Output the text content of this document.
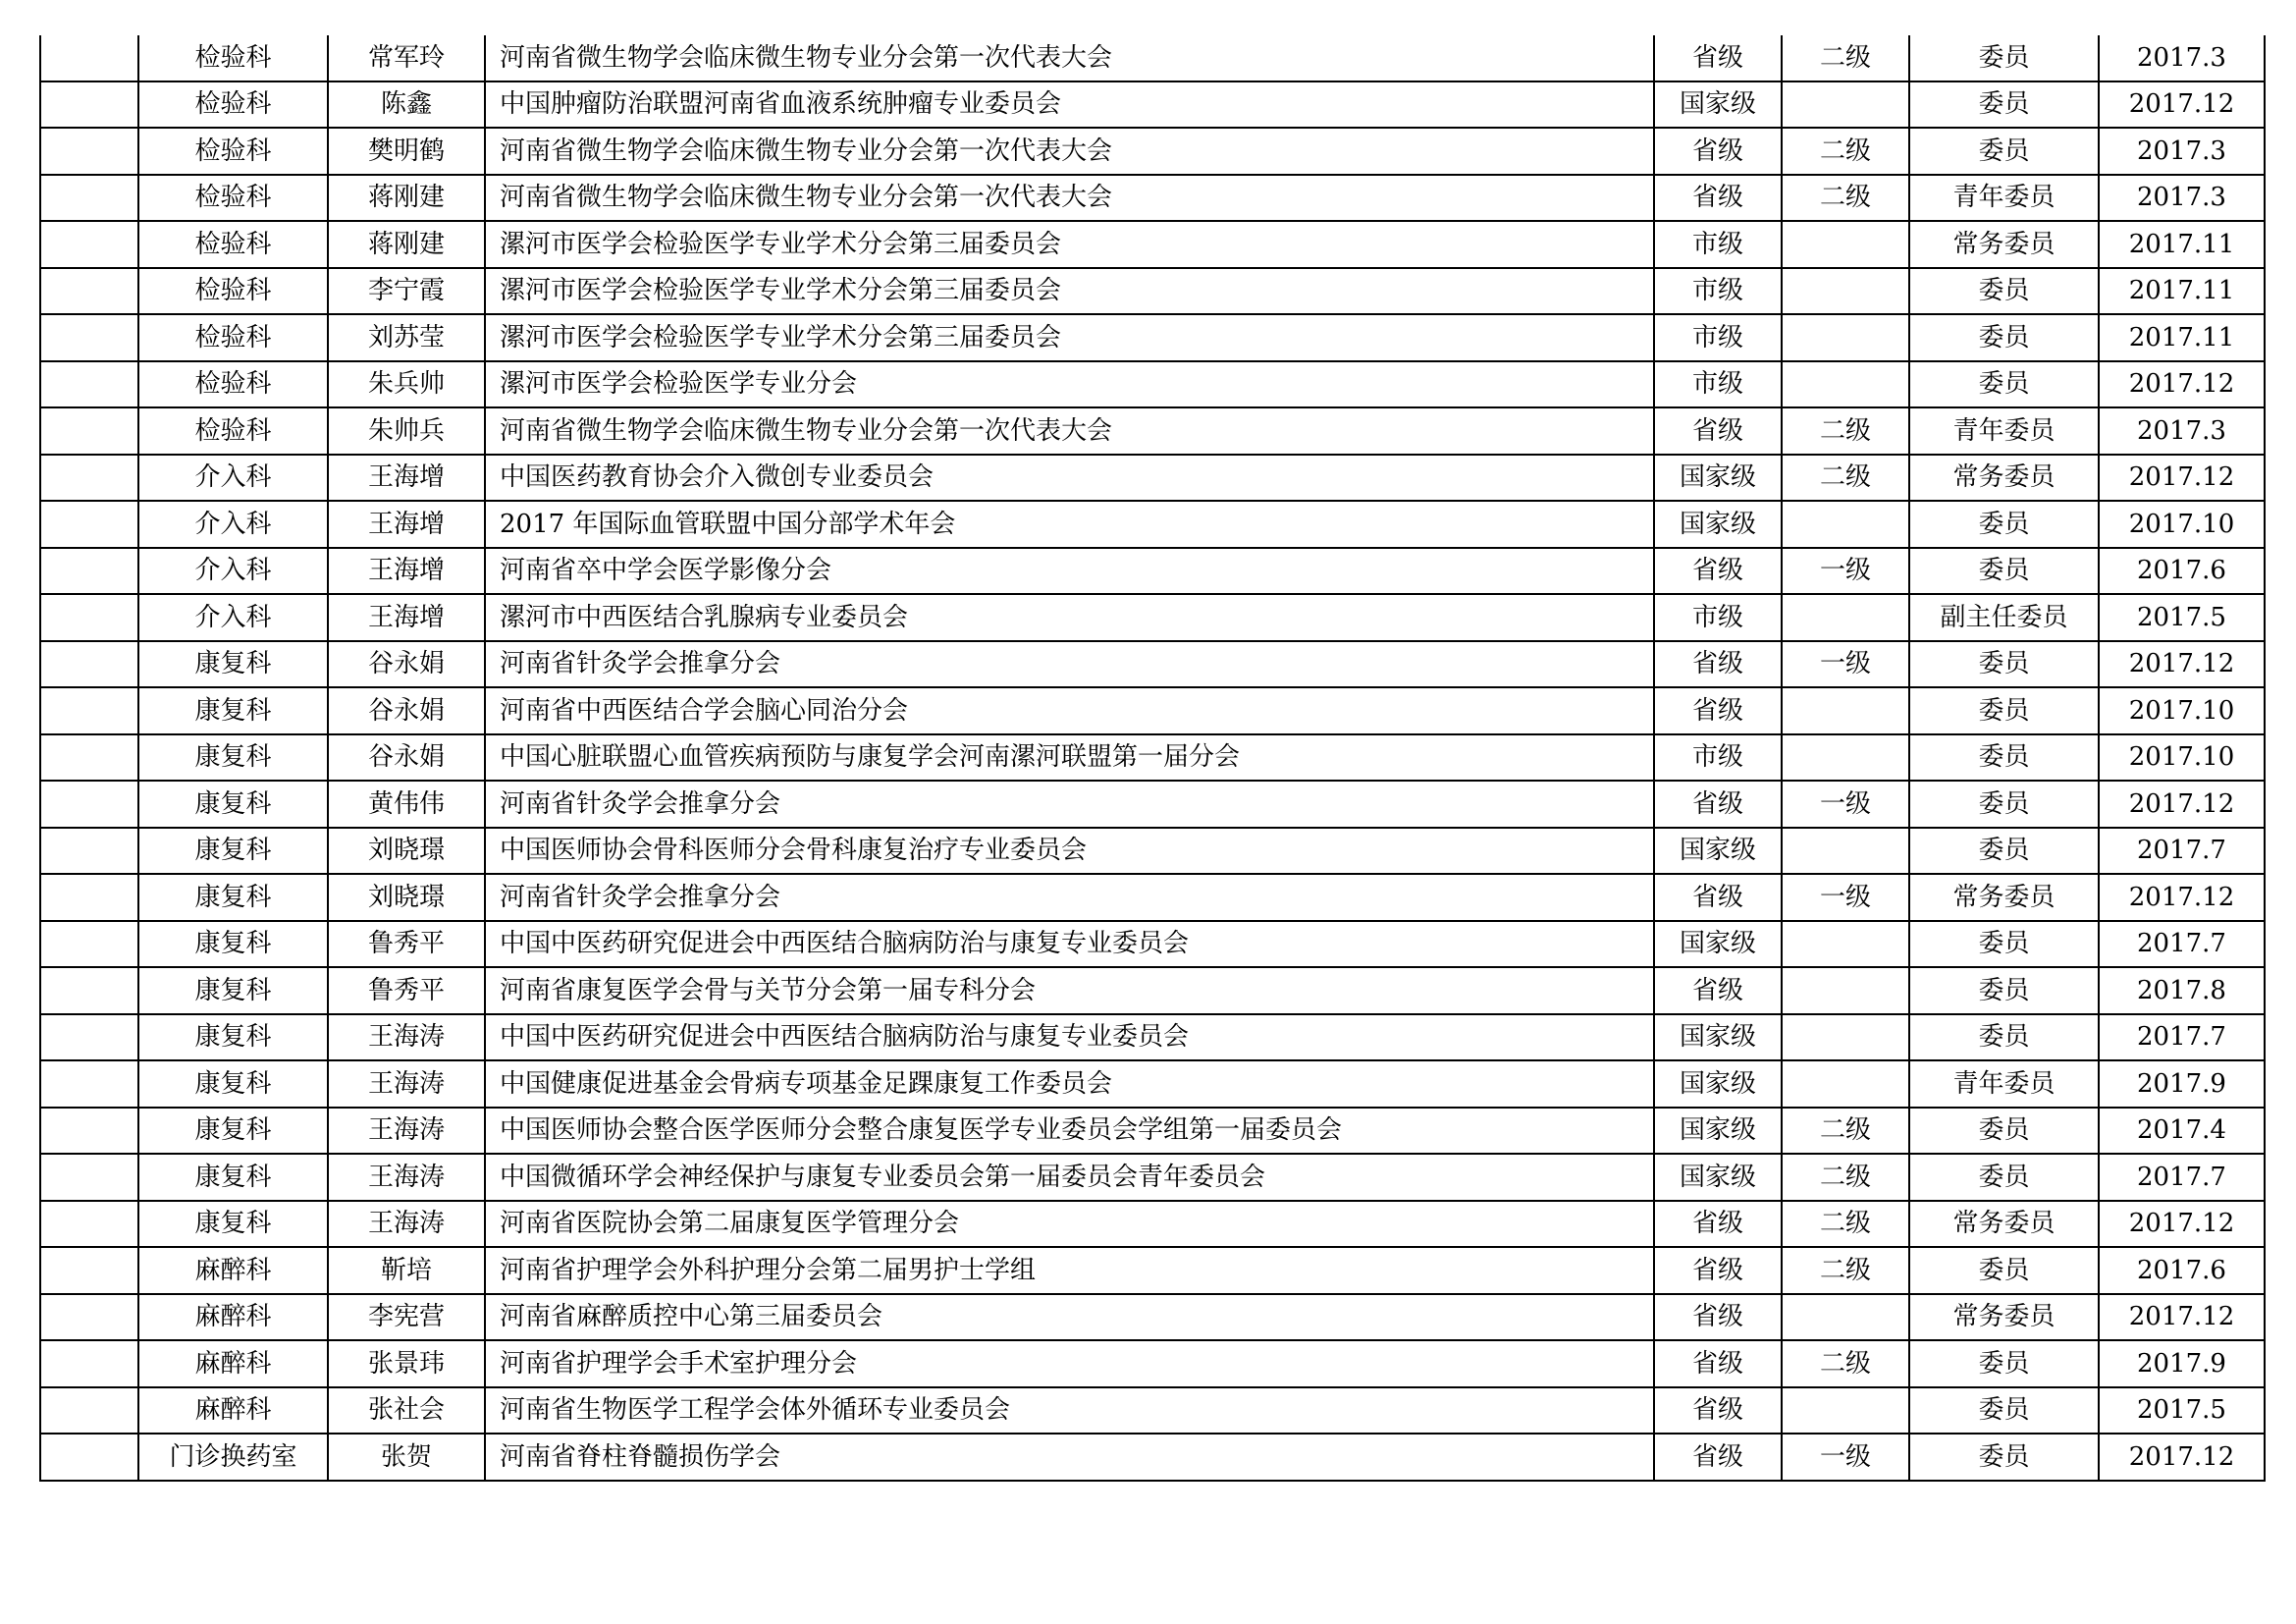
	检验科	常军玲	河南省微生物学会临床微生物专业分会第一次代表大会	省级	二级	委员	2017.3
	检验科	陈鑫	中国肿瘤防治联盟河南省血液系统肿瘤专业委员会	国家级		委员	2017.12
	检验科	樊明鹤	河南省微生物学会临床微生物专业分会第一次代表大会	省级	二级	委员	2017.3
	检验科	蒋刚建	河南省微生物学会临床微生物专业分会第一次代表大会	省级	二级	青年委员	2017.3
	检验科	蒋刚建	漯河市医学会检验医学专业学术分会第三届委员会	市级		常务委员	2017.11
	检验科	李宁霞	漯河市医学会检验医学专业学术分会第三届委员会	市级		委员	2017.11
	检验科	刘苏莹	漯河市医学会检验医学专业学术分会第三届委员会	市级		委员	2017.11
	检验科	朱兵帅	漯河市医学会检验医学专业分会	市级		委员	2017.12
	检验科	朱帅兵	河南省微生物学会临床微生物专业分会第一次代表大会	省级	二级	青年委员	2017.3
	介入科	王海增	中国医药教育协会介入微创专业委员会	国家级	二级	常务委员	2017.12
	介入科	王海增	2017 年国际血管联盟中国分部学术年会	国家级		委员	2017.10
	介入科	王海增	河南省卒中学会医学影像分会	省级	一级	委员	2017.6
	介入科	王海增	漯河市中西医结合乳腺病专业委员会	市级		副主任委员	2017.5
	康复科	谷永娟	河南省针灸学会推拿分会	省级	一级	委员	2017.12
	康复科	谷永娟	河南省中西医结合学会脑心同治分会	省级		委员	2017.10
	康复科	谷永娟	中国心脏联盟心血管疾病预防与康复学会河南漯河联盟第一届分会	市级		委员	2017.10
	康复科	黄伟伟	河南省针灸学会推拿分会	省级	一级	委员	2017.12
	康复科	刘晓璟	中国医师协会骨科医师分会骨科康复治疗专业委员会	国家级		委员	2017.7
	康复科	刘晓璟	河南省针灸学会推拿分会	省级	一级	常务委员	2017.12
	康复科	鲁秀平	中国中医药研究促进会中西医结合脑病防治与康复专业委员会	国家级		委员	2017.7
	康复科	鲁秀平	河南省康复医学会骨与关节分会第一届专科分会	省级		委员	2017.8
	康复科	王海涛	中国中医药研究促进会中西医结合脑病防治与康复专业委员会	国家级		委员	2017.7
	康复科	王海涛	中国健康促进基金会骨病专项基金足踝康复工作委员会	国家级		青年委员	2017.9
	康复科	王海涛	中国医师协会整合医学医师分会整合康复医学专业委员会学组第一届委员会	国家级	二级	委员	2017.4
	康复科	王海涛	中国微循环学会神经保护与康复专业委员会第一届委员会青年委员会	国家级	二级	委员	2017.7
	康复科	王海涛	河南省医院协会第二届康复医学管理分会	省级	二级	常务委员	2017.12
	麻醉科	靳培	河南省护理学会外科护理分会第二届男护士学组	省级	二级	委员	2017.6
	麻醉科	李宪营	河南省麻醉质控中心第三届委员会	省级		常务委员	2017.12
	麻醉科	张景玮	河南省护理学会手术室护理分会	省级	二级	委员	2017.9
	麻醉科	张社会	河南省生物医学工程学会体外循环专业委员会	省级		委员	2017.5
	门诊换药室	张贺	河南省脊柱脊髓损伤学会	省级	一级	委员	2017.12
